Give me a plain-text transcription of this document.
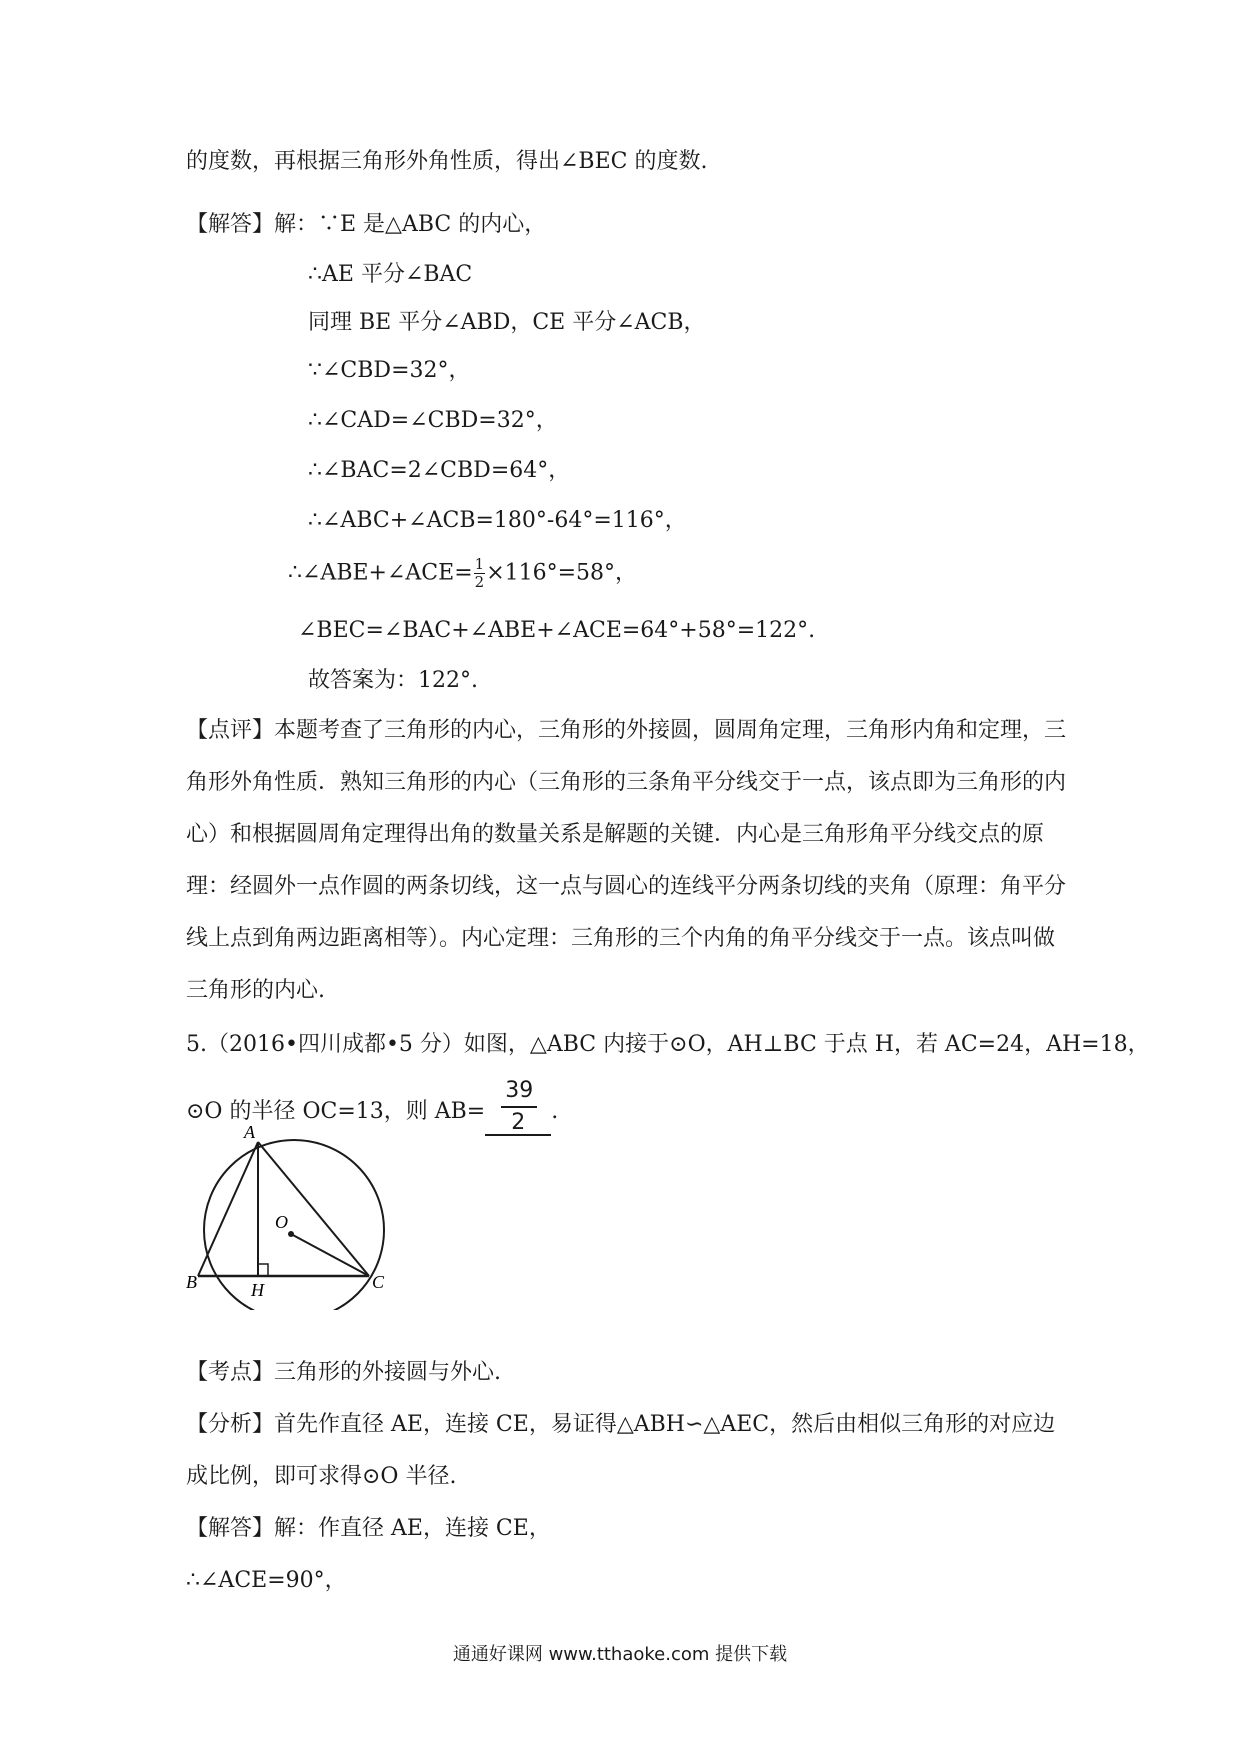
的度数，再根据三角形外角性质，得出∠BEC 的度数.
【解答】解：∵E 是△ABC 的内心，
∴AE 平分∠BAC
同理 BE 平分∠ABD，CE 平分∠ACB，
∵∠CBD=32°，
∴∠CAD=∠CBD=32°，
∴∠BAC=2∠CBD=64°，
∴∠ABC+∠ACB=180°-64°=116°，
∴∠ABE+∠ACE= $\frac{1}{2} \times 116^\circ=58^\circ$，
∠BEC=∠BAC+∠ABE+∠ACE=64°+58°=122°.
故答案为：122°.
【点评】本题考查了三角形的内心，三角形的外接圆，圆周角定理，三角形内角和定理，三
角形外角性质．熟知三角形的内心（三角形的三条角平分线交于一点，该点即为三角形的内
心）和根据圆周角定理得出角的数量关系是解题的关键．内心是三角形角平分线交点的原
理：经圆外一点作圆的两条切线，这一点与圆心的连线平分两条切线的夹角（原理：角平分
线上点到角两边距离相等）。内心定理：三角形的三个内角的角平分线交于一点。该点叫做
三角形的内心.
5.（2016•四川成都•5 分）如图，△ABC 内接于⊙O，AH⊥BC 于点 H，若 AC=24，AH=18，
⊙O 的半径 OC=13，则 $AB= \frac{39}{2}$ .
A
B	C
H
O
【考点】三角形的外接圆与外心.
【分析】首先作直径 AE，连接 CE，易证得△ABH∽△AEC，然后由相似三角形的对应边
成比例，即可求得⊙O 半径.
【解答】解：作直径 AE，连接 CE，
∴∠ACE=90°，
通通好课网 www.tthaoke.com 提供下载
